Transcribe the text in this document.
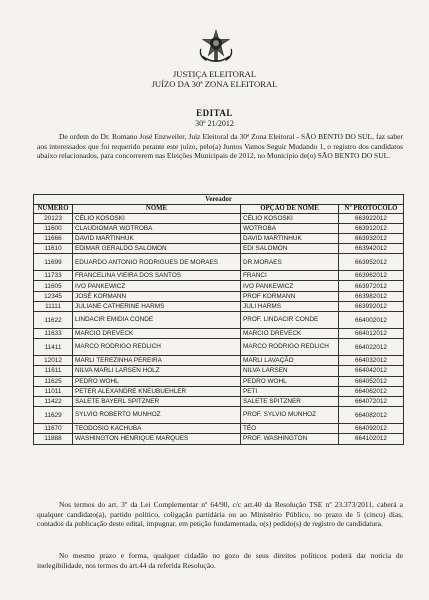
JUSTIÇA ELEITORAL
JUÍZO DA 30ª ZONA ELEITORAL
EDITAL
30º 21/2012
De ordem do Dr. Romano José Enzweiler, Juiz Eleitoral da 30ª Zona Eleitoral - SÃO BENTO DO SUL, faz saber aos interessados que foi requerido perante este juízo, pelo(a) Juntos Vamos Seguir Mudando 1, o registro dos candidatos abaixo relacionados, para concorrerem nas Eleições Municipais de 2012, no Município de(o) SÃO BENTO DO SUL.
Vereador			
NÚMERO	NOME	OPÇÃO DE NOME	Nº PROTOCOLO
20123	CÉLIO KOSOSKI	CÉLIO KOSOSKI	663922012
11600	CLAUDIOMAR WOTROBA	WOTROBA	663912012
11666	DAVID MARTINHUK	DAVID MARTINHUK	663932012
11610	EDIMAR GERALDO SALOMON	EDI SALOMON	663942012
11699	EDUARDO ANTONIO RODRIGUES DE MORAES	DR.MORAES	663952012
11733	FRANCELINA VIEIRA DOS SANTOS	FRANCI	663962012
11605	IVO PANKEWICZ	IVO PANKEWICZ	663972012
12345	JOSÉ KORMANN	PROF KORMANN	663982012
11111	JULIANE CATHERINE HARMS	JULI HARMS	663992012
11622	LINDACIR EMIDIA CONDE	PROF. LINDACIR CONDE	664002012
11633	MARCIO DREVECK	MARCIO DREVECK	664012012
11411	MARCO RODRIGO REDLICH	MARCO RODRIGO REDLICH	664022012
12012	MARLI TEREZINHA PEREIRA	MARLI LAVAÇÃO	664032012
11611	NILVA MARLI LARSEN HOLZ	NILVA LARSEN	664042012
11625	PEDRO WOHL	PEDRO WOHL	664052012
11011	PETER ALEXANDRE KNEUBUEHLER	PETI	664062012
11422	SALETE BAYERL SPITZNER	SALETE SPITZNER	664072012
11629	SYLVIO ROBERTO MUNHOZ	PROF. SYLVIO MUNHOZ	664082012
11670	TEODOSIO KACHUBA	TÉO	664092012
11888	WASHINGTON HENRIQUE MARQUES	PROF. WASHINGTON	664102012
Nos termos do art. 3º da Lei Complementar nº 64/90, c/c art.40 da Resolução TSE nº 23.373/2011, caberá a qualquer candidato(a), partido político, coligação partidária ou ao Ministério Público, no prazo de 5 (cinco) dias, contados da publicação deste edital, impugnar, em petição fundamentada, o(s) pedido(s) de registro de candidatura.
No mesmo prazo e forma, qualquer cidadão no gozo de seus direitos políticos poderá dar notícia de inelegibilidade, nos termos do art.44 da referida Resolução.
